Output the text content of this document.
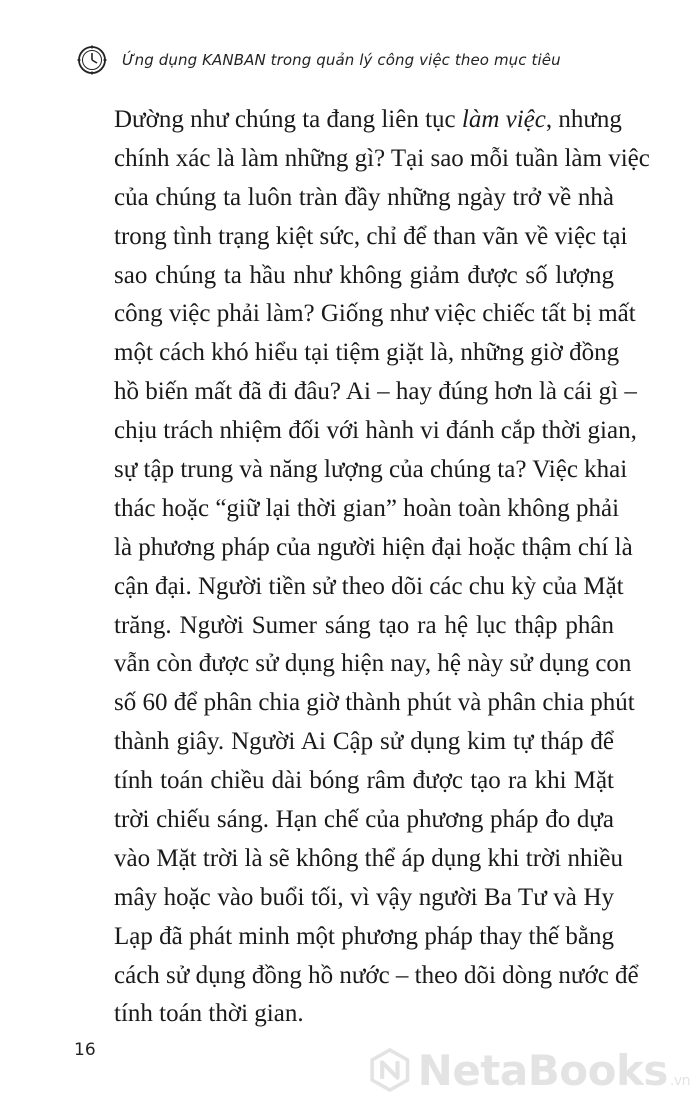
Ứng dụng KANBAN trong quản lý công việc theo mục tiêu
Dường như chúng ta đang liên tục làm việc, nhưng
chính xác là làm những gì? Tại sao mỗi tuần làm việc
của chúng ta luôn tràn đầy những ngày trở về nhà
trong tình trạng kiệt sức, chỉ để than vãn về việc tại
sao chúng ta hầu như không giảm được số lượng
công việc phải làm? Giống như việc chiếc tất bị mất
một cách khó hiểu tại tiệm giặt là, những giờ đồng
hồ biến mất đã đi đâu? Ai – hay đúng hơn là cái gì –
chịu trách nhiệm đối với hành vi đánh cắp thời gian,
sự tập trung và năng lượng của chúng ta? Việc khai
thác hoặc “giữ lại thời gian” hoàn toàn không phải
là phương pháp của người hiện đại hoặc thậm chí là
cận đại. Người tiền sử theo dõi các chu kỳ của Mặt
trăng. Người Sumer sáng tạo ra hệ lục thập phân
vẫn còn được sử dụng hiện nay, hệ này sử dụng con
số 60 để phân chia giờ thành phút và phân chia phút
thành giây. Người Ai Cập sử dụng kim tự tháp để
tính toán chiều dài bóng râm được tạo ra khi Mặt
trời chiếu sáng. Hạn chế của phương pháp đo dựa
vào Mặt trời là sẽ không thể áp dụng khi trời nhiều
mây hoặc vào buổi tối, vì vậy người Ba Tư và Hy
Lạp đã phát minh một phương pháp thay thế bằng
cách sử dụng đồng hồ nước – theo dõi dòng nước để
tính toán thời gian.
16	NetaBooks .vn
